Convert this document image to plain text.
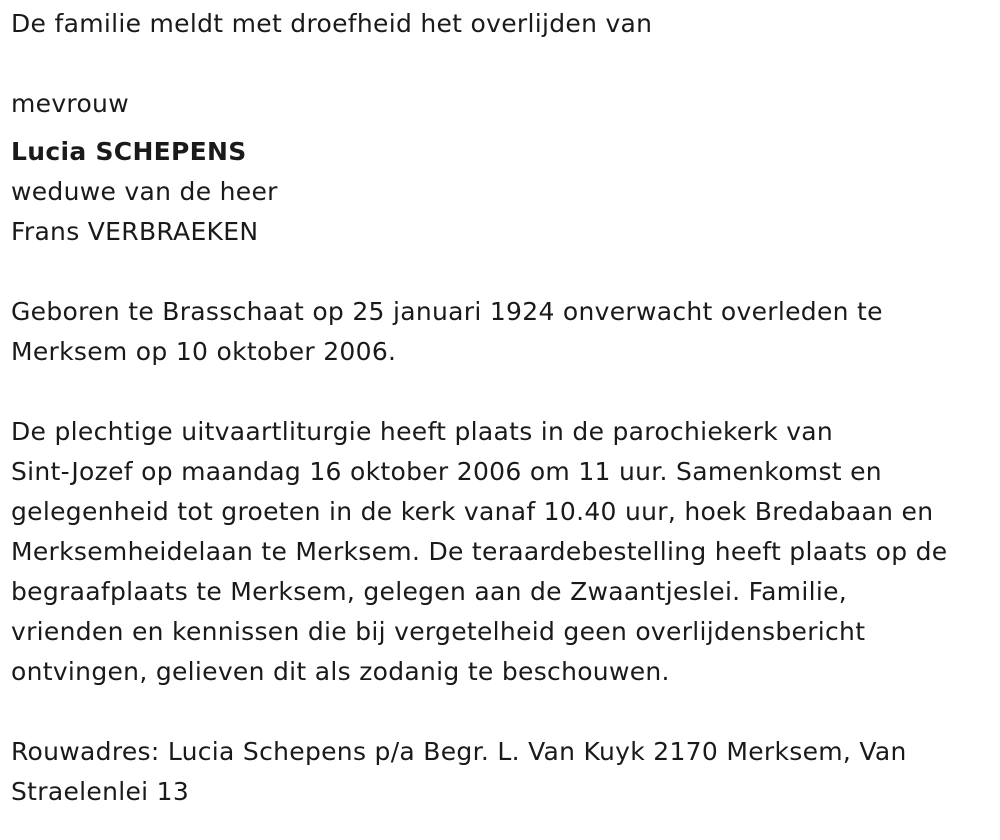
De familie meldt met droefheid het overlijden van
mevrouw
Lucia SCHEPENS
weduwe van de heer
Frans VERBRAEKEN
Geboren te Brasschaat op 25 januari 1924 onverwacht overleden te
Merksem op 10 oktober 2006.
De plechtige uitvaartliturgie heeft plaats in de parochiekerk van
Sint-Jozef op maandag 16 oktober 2006 om 11 uur. Samenkomst en
gelegenheid tot groeten in de kerk vanaf 10.40 uur, hoek Bredabaan en
Merksemheidelaan te Merksem. De teraardebestelling heeft plaats op de
begraafplaats te Merksem, gelegen aan de Zwaantjeslei. Familie,
vrienden en kennissen die bij vergetelheid geen overlijdensbericht
ontvingen, gelieven dit als zodanig te beschouwen.
Rouwadres: Lucia Schepens p/a Begr. L. Van Kuyk 2170 Merksem, Van
Straelenlei 13
